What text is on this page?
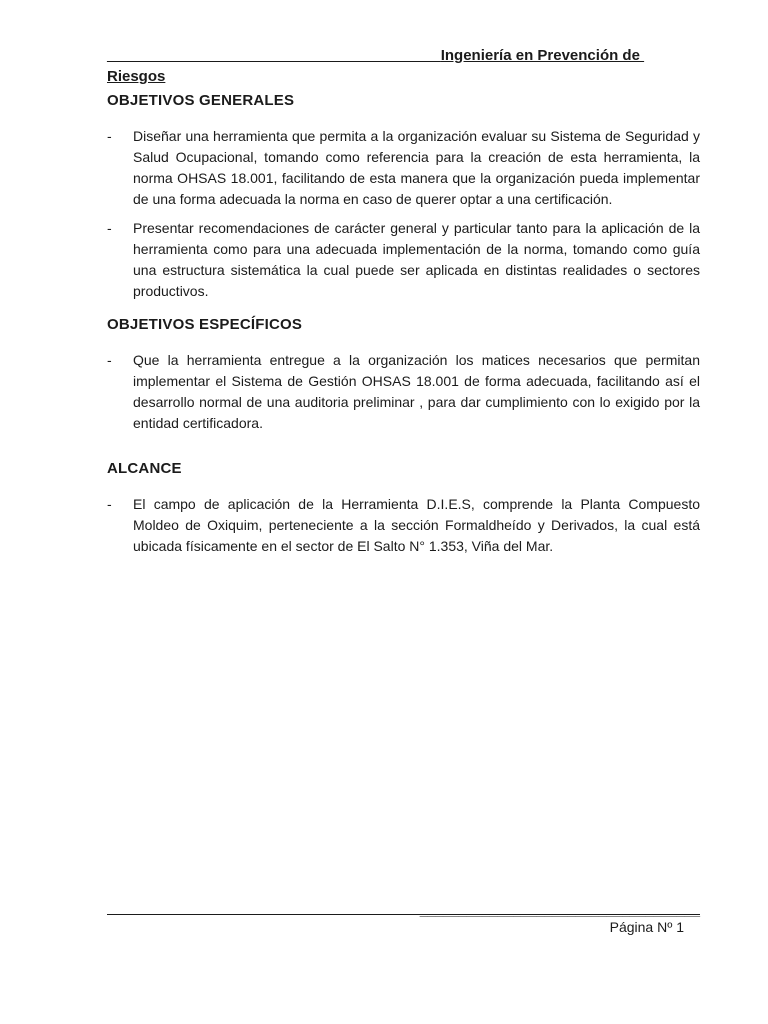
________________________________________Ingeniería en Prevención de
Riesgos
OBJETIVOS GENERALES
-	Diseñar una herramienta que permita a la organización evaluar su Sistema de Seguridad y Salud Ocupacional, tomando como referencia para la creación de esta herramienta, la norma OHSAS 18.001, facilitando de esta manera que la organización pueda implementar de una forma adecuada la norma en caso de querer optar a una certificación.

-	Presentar recomendaciones de carácter general y particular tanto para la aplicación de la herramienta como para una adecuada implementación de la norma, tomando como guía una estructura sistemática la cual puede ser aplicada en distintas realidades o sectores productivos.

OBJETIVOS ESPECÍFICOS
-	Que la herramienta entregue a la organización los matices necesarios que permitan implementar el Sistema de Gestión OHSAS 18.001 de forma adecuada, facilitando así el desarrollo normal de una auditoria preliminar , para dar cumplimiento con lo exigido por la entidad certificadora.

ALCANCE
-	El campo de aplicación de la Herramienta D.I.E.S, comprende la Planta Compuesto Moldeo de Oxiquim, perteneciente a la sección Formaldheído y Derivados, la cual está ubicada físicamente en el sector de El Salto N° 1.353, Viña del Mar.

____________________________________
Página Nº 1
